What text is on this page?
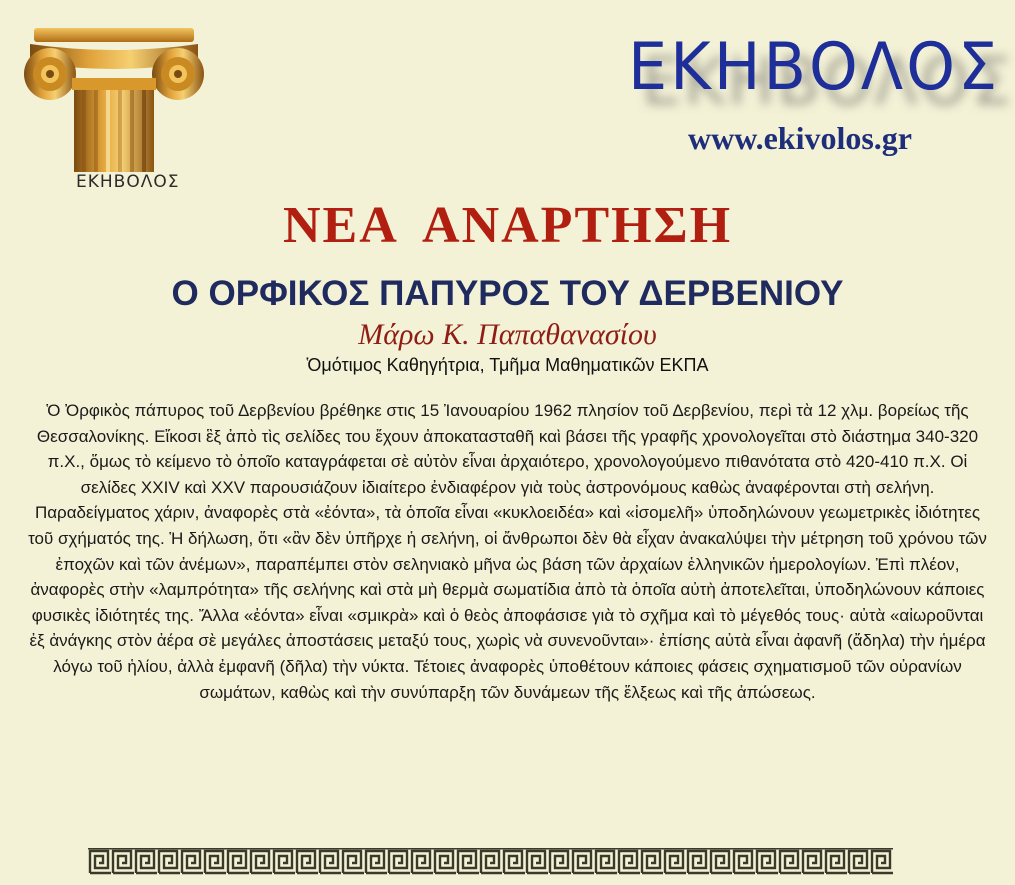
ΕΚΗΒΟΛΟΣ
ΕΚΗΒΟΛΟΣ
www.ekivolos.gr
ΝΕΑ ΑΝΑΡΤΗΣΗ
Ο ΟΡΦΙΚΟΣ ΠΑΠΥΡΟΣ ΤΟΥ ΔΕΡΒΕΝΙΟΥ
Μάρω Κ. Παπαθανασίου
Ὁμότιμος Καθηγήτρια, Τμῆμα Μαθηματικῶν ΕΚΠΑ
Ὁ Ὀρφικὸς πάπυρος τοῦ Δερβενίου βρέθηκε στις 15 Ἰανουαρίου 1962 πλησίον τοῦ Δερβενίου, περὶ τὰ 12 χλμ. βορείως τῆς Θεσσαλονίκης. Εἴκοσι ἓξ ἀπὸ τὶς σελίδες του ἔχουν ἀποκατασταθῆ καὶ βάσει τῆς γραφῆς χρονολογεῖται στὸ διάστημα 340-320 π.Χ., ὅμως τὸ κείμενο τὸ ὁποῖο καταγράφεται σὲ αὐτὸν εἶναι ἀρχαιότερο, χρονολογούμενο πιθανότατα στὸ 420-410 π.Χ. Οἱ σελίδες XXIV καὶ XXV παρουσιάζουν ἰδιαίτερο ἐνδιαφέρον γιὰ τοὺς ἀστρονόμους καθὼς ἀναφέρονται στὴ σελήνη. Παραδείγματος χάριν, ἀναφορὲς στὰ «ἐόντα», τὰ ὁποῖα εἶναι «κυκλοειδέα» καὶ «ἰσομελῆ» ὑποδηλώνουν γεωμετρικὲς ἰδιότητες τοῦ σχήματός της. Ἡ δήλωση, ὅτι «ἂν δὲν ὑπῆρχε ἡ σελήνη, οἱ ἄνθρωποι δὲν θὰ εἶχαν ἀνακαλύψει τὴν μέτρηση τοῦ χρόνου τῶν ἐποχῶν καὶ τῶν ἀνέμων», παραπέμπει στὸν σεληνιακὸ μῆνα ὡς βάση τῶν ἀρχαίων ἑλληνικῶν ἡμερολογίων. Ἐπὶ πλέον, ἀναφορὲς στὴν «λαμπρότητα» τῆς σελήνης καὶ στὰ μὴ θερμὰ σωματίδια ἀπὸ τὰ ὁποῖα αὐτὴ ἀποτελεῖται, ὑποδηλώνουν κάποιες φυσικὲς ἰδιότητές της. Ἄλλα «ἐόντα» εἶναι «σμικρὰ» καὶ ὁ θεὸς ἀποφάσισε γιὰ τὸ σχῆμα καὶ τὸ μέγεθός τους· αὐτὰ «αἰωροῦνται ἐξ ἀνάγκης στὸν ἀέρα σὲ μεγάλες ἀποστάσεις μεταξύ τους, χωρὶς νὰ συνενοῦνται»· ἐπίσης αὐτὰ εἶναι ἀφανῆ (ἄδηλα) τὴν ἡμέρα λόγω τοῦ ἡλίου, ἀλλὰ ἐμφανῆ (δῆλα) τὴν νύκτα. Τέτοιες ἀναφορὲς ὑποθέτουν κάποιες φάσεις σχηματισμοῦ τῶν οὐρανίων σωμάτων, καθὼς καὶ τὴν συνύπαρξη τῶν δυνάμεων τῆς ἕλξεως καὶ τῆς ἀπώσεως.
